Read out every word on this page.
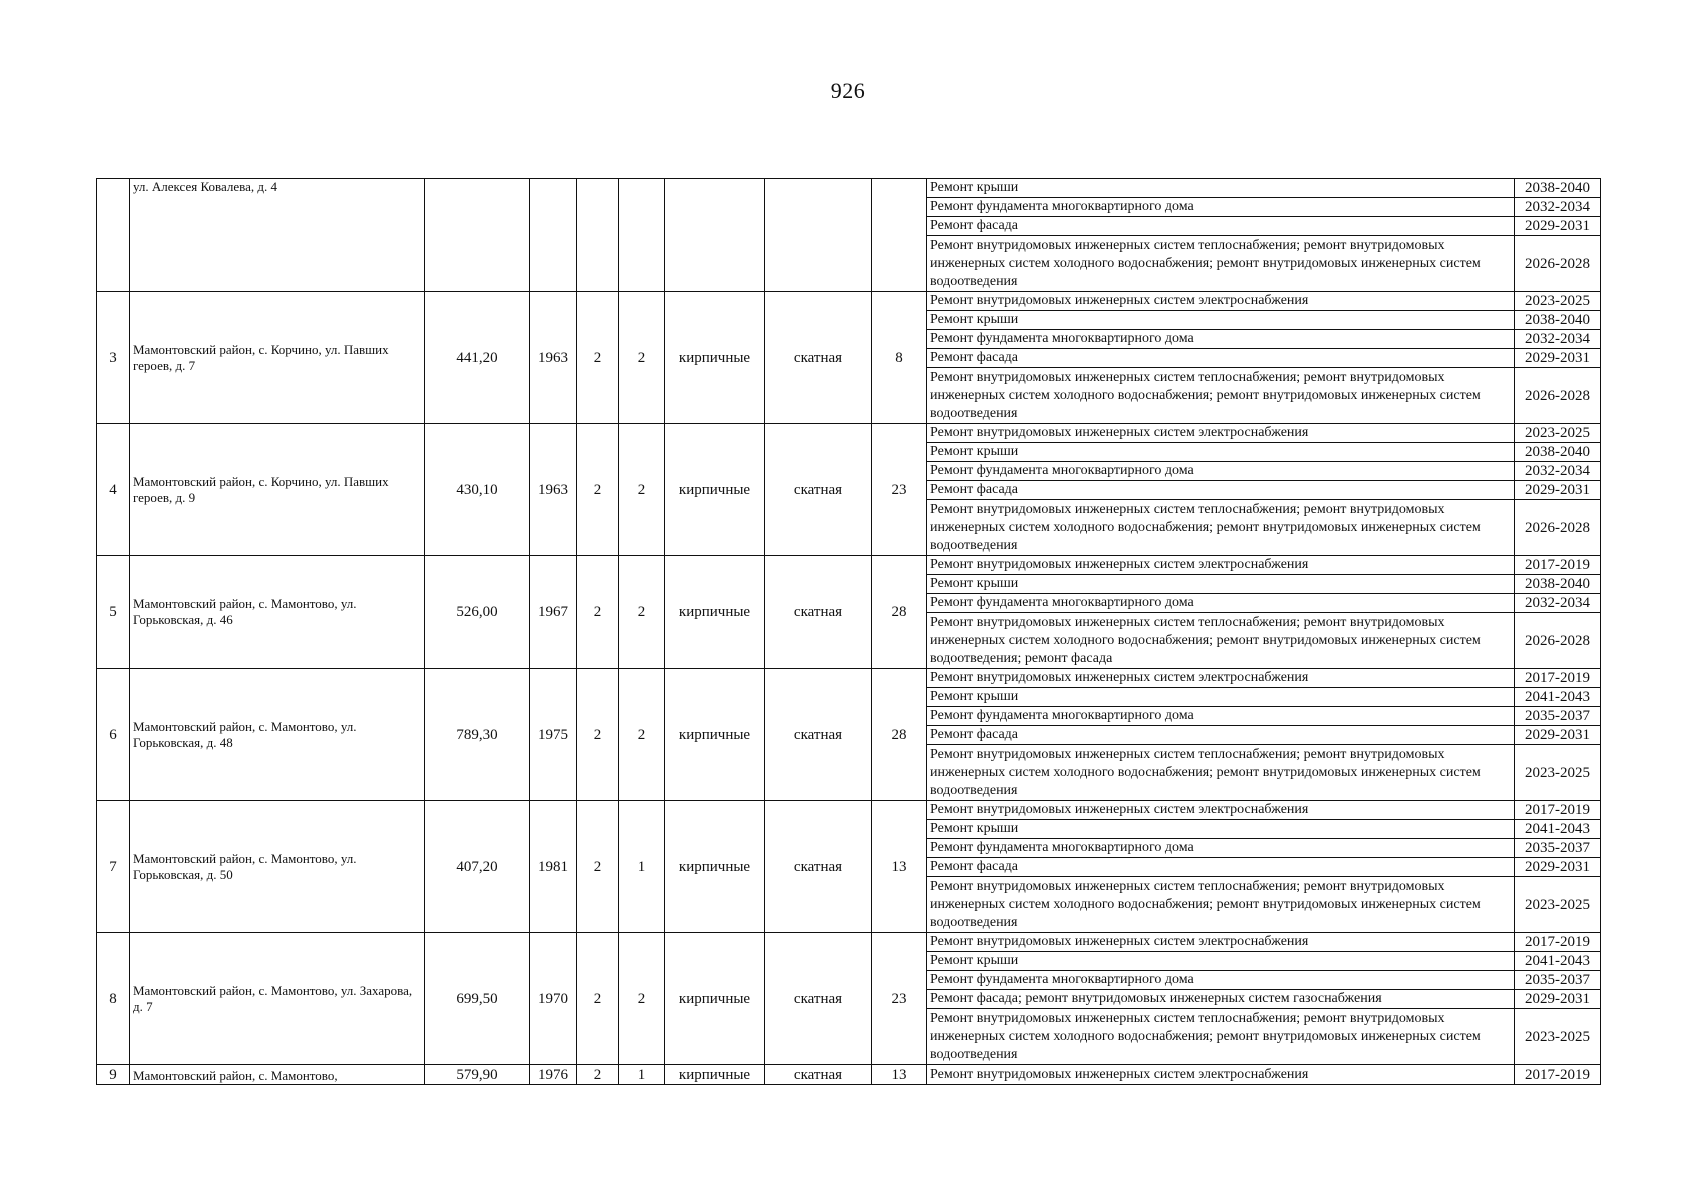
926
	ул. Алексея Ковалева, д. 4								Ремонт крыши	2038-2040
									Ремонт фундамента многоквартирного дома	2032-2034
									Ремонт фасада	2029-2031
									Ремонт внутридомовых инженерных систем теплоснабжения; ремонт внутридомовых инженерных систем холодного водоснабжения; ремонт внутридомовых инженерных систем водоотведения	2026-2028
3	Мамонтовский район, с. Корчино, ул. Павших героев, д. 7	441,20	1963	2	2	кирпичные	скатная	8	Ремонт внутридомовых инженерных систем электроснабжения	2023-2025
									Ремонт крыши	2038-2040
									Ремонт фундамента многоквартирного дома	2032-2034
									Ремонт фасада	2029-2031
									Ремонт внутридомовых инженерных систем теплоснабжения; ремонт внутридомовых инженерных систем холодного водоснабжения; ремонт внутридомовых инженерных систем водоотведения	2026-2028
4	Мамонтовский район, с. Корчино, ул. Павших героев, д. 9	430,10	1963	2	2	кирпичные	скатная	23	Ремонт внутридомовых инженерных систем электроснабжения	2023-2025
									Ремонт крыши	2038-2040
									Ремонт фундамента многоквартирного дома	2032-2034
									Ремонт фасада	2029-2031
									Ремонт внутридомовых инженерных систем теплоснабжения; ремонт внутридомовых инженерных систем холодного водоснабжения; ремонт внутридомовых инженерных систем водоотведения	2026-2028
5	Мамонтовский район, с. Мамонтово, ул. Горьковская, д. 46	526,00	1967	2	2	кирпичные	скатная	28	Ремонт внутридомовых инженерных систем электроснабжения	2017-2019
									Ремонт крыши	2038-2040
									Ремонт фундамента многоквартирного дома	2032-2034
									Ремонт внутридомовых инженерных систем теплоснабжения; ремонт внутридомовых инженерных систем холодного водоснабжения; ремонт внутридомовых инженерных систем водоотведения; ремонт фасада	2026-2028
6	Мамонтовский район, с. Мамонтово, ул. Горьковская, д. 48	789,30	1975	2	2	кирпичные	скатная	28	Ремонт внутридомовых инженерных систем электроснабжения	2017-2019
									Ремонт крыши	2041-2043
									Ремонт фундамента многоквартирного дома	2035-2037
									Ремонт фасада	2029-2031
									Ремонт внутридомовых инженерных систем теплоснабжения; ремонт внутридомовых инженерных систем холодного водоснабжения; ремонт внутридомовых инженерных систем водоотведения	2023-2025
7	Мамонтовский район, с. Мамонтово, ул. Горьковская, д. 50	407,20	1981	2	1	кирпичные	скатная	13	Ремонт внутридомовых инженерных систем электроснабжения	2017-2019
									Ремонт крыши	2041-2043
									Ремонт фундамента многоквартирного дома	2035-2037
									Ремонт фасада	2029-2031
									Ремонт внутридомовых инженерных систем теплоснабжения; ремонт внутридомовых инженерных систем холодного водоснабжения; ремонт внутридомовых инженерных систем водоотведения	2023-2025
8	Мамонтовский район, с. Мамонтово, ул. Захарова, д. 7	699,50	1970	2	2	кирпичные	скатная	23	Ремонт внутридомовых инженерных систем электроснабжения	2017-2019
									Ремонт крыши	2041-2043
									Ремонт фундамента многоквартирного дома	2035-2037
									Ремонт фасада; ремонт внутридомовых инженерных систем газоснабжения	2029-2031
									Ремонт внутридомовых инженерных систем теплоснабжения; ремонт внутридомовых инженерных систем холодного водоснабжения; ремонт внутридомовых инженерных систем водоотведения	2023-2025
9	Мамонтовский район, с. Мамонтово,	579,90	1976	2	1	кирпичные	скатная	13	Ремонт внутридомовых инженерных систем электроснабжения	2017-2019
